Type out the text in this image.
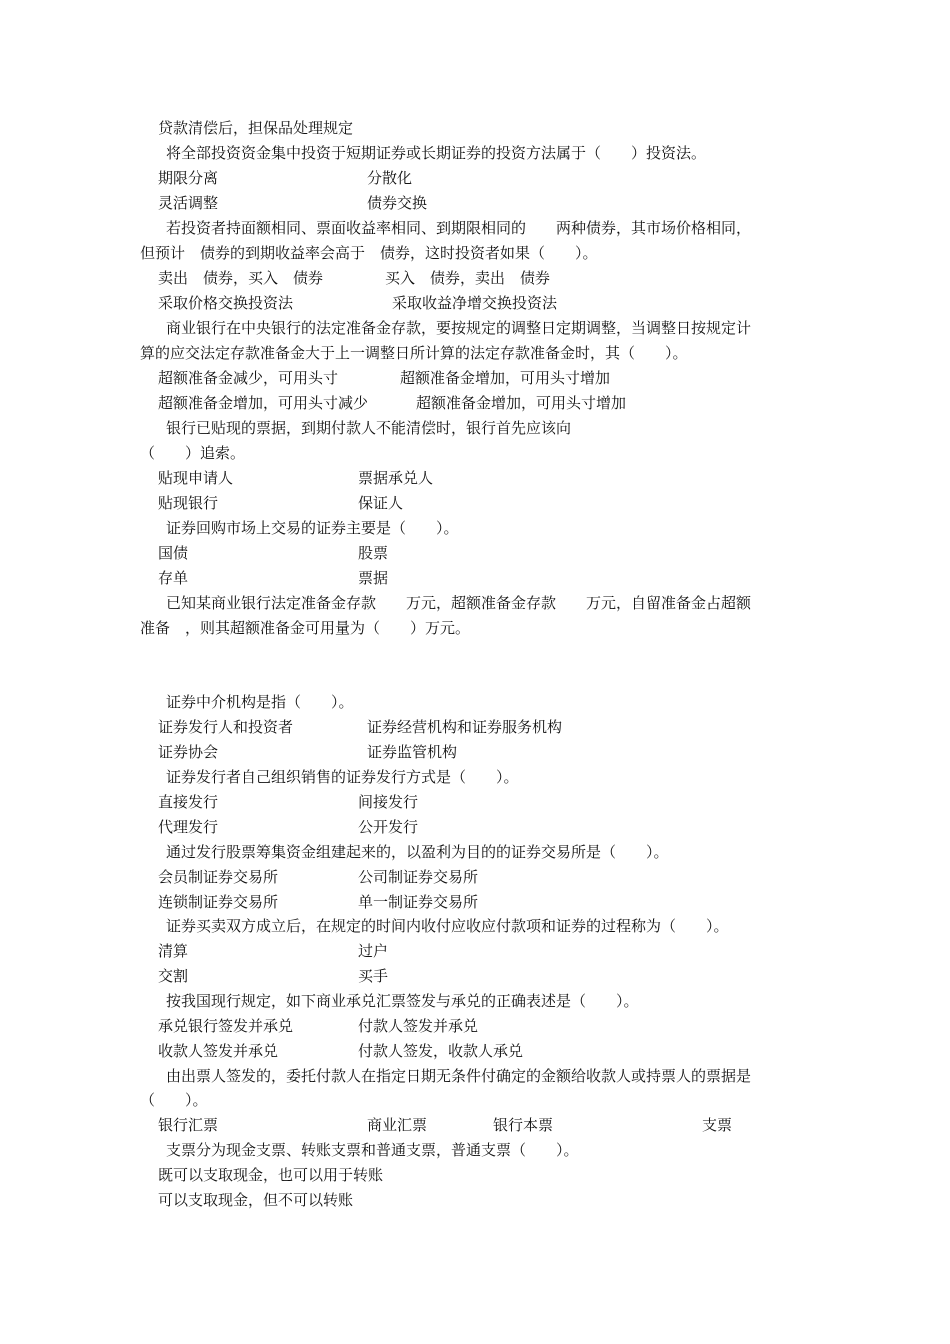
贷款清偿后，担保品处理规定
将全部投资资金集中投资于短期证券或长期证券的投资方法属于（　　）投资法。
期限分离	分散化
灵活调整	债券交换
若投资者持面额相同、票面收益率相同、到期限相同的　　两种债券，其市场价格相同，
但预计　债券的到期收益率会高于　债券，这时投资者如果（　　）。
卖出　债券，买入　债券	买入　债券，卖出　债券
采取价格交换投资法	采取收益净增交换投资法
商业银行在中央银行的法定准备金存款，要按规定的调整日定期调整，当调整日按规定计
算的应交法定存款准备金大于上一调整日所计算的法定存款准备金时，其（　　）。
超额准备金减少，可用头寸	超额准备金增加，可用头寸增加
超额准备金增加，可用头寸减少	超额准备金增加，可用头寸增加
银行已贴现的票据，到期付款人不能清偿时，银行首先应该向
（　　）追索。
贴现申请人	票据承兑人
贴现银行	保证人
证券回购市场上交易的证券主要是（　　）。
国债	股票
存单	票据
已知某商业银行法定准备金存款　　万元，超额准备金存款　　万元，自留准备金占超额
准备　，则其超额准备金可用量为（　　）万元。
证券中介机构是指（　　）。
证券发行人和投资者	证券经营机构和证券服务机构
证券协会	证券监管机构
证券发行者自己组织销售的证券发行方式是（　　）。
直接发行	间接发行
代理发行	公开发行
通过发行股票筹集资金组建起来的，以盈利为目的的证券交易所是（　　）。
会员制证券交易所	公司制证券交易所
连锁制证券交易所	单一制证券交易所
证券买卖双方成立后，在规定的时间内收付应收应付款项和证券的过程称为（　　）。
清算	过户
交割	买手
按我国现行规定，如下商业承兑汇票签发与承兑的正确表述是（　　）。
承兑银行签发并承兑	付款人签发并承兑
收款人签发并承兑	付款人签发，收款人承兑
由出票人签发的，委托付款人在指定日期无条件付确定的金额给收款人或持票人的票据是
（　　）。
银行汇票	商业汇票	银行本票	支票
支票分为现金支票、转账支票和普通支票，普通支票（　　）。
既可以支取现金，也可以用于转账
可以支取现金，但不可以转账
